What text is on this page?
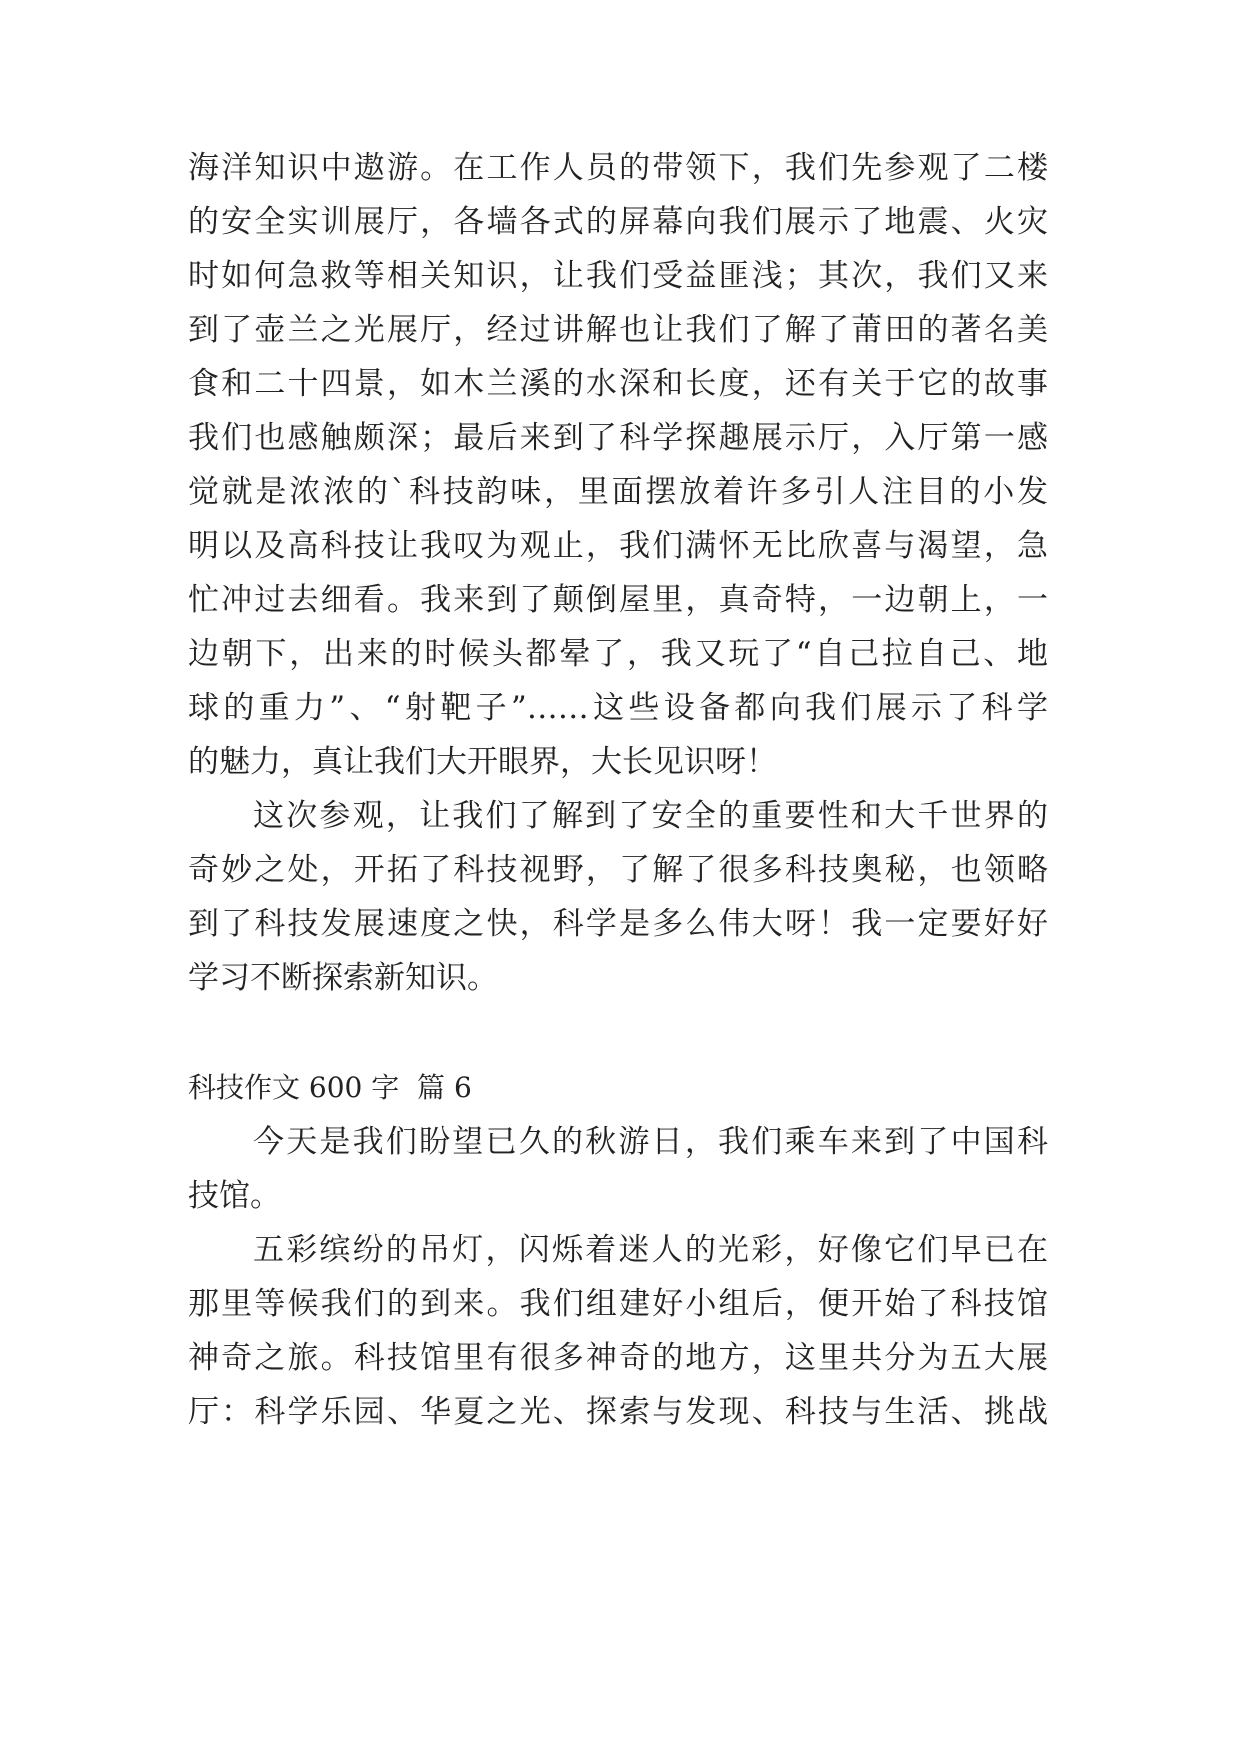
海洋知识中遨游。在工作人员的带领下，我们先参观了二楼
的安全实训展厅，各墙各式的屏幕向我们展示了地震、火灾
时如何急救等相关知识，让我们受益匪浅；其次，我们又来
到了壶兰之光展厅，经过讲解也让我们了解了莆田的著名美
食和二十四景，如木兰溪的水深和长度，还有关于它的故事
我们也感触颇深；最后来到了科学探趣展示厅，入厅第一感
觉就是浓浓的`科技韵味，里面摆放着许多引人注目的小发
明以及高科技让我叹为观止，我们满怀无比欣喜与渴望，急
忙冲过去细看。我来到了颠倒屋里，真奇特，一边朝上，一
边朝下，出来的时候头都晕了，我又玩了“自己拉自己、地
球的重力”、“射靶子”……这些设备都向我们展示了科学
的魅力，真让我们大开眼界，大长见识呀！
这次参观，让我们了解到了安全的重要性和大千世界的
奇妙之处，开拓了科技视野，了解了很多科技奥秘，也领略
到了科技发展速度之快，科学是多么伟大呀！我一定要好好
学习不断探索新知识。
科技作文 600 字  篇 6
今天是我们盼望已久的秋游日，我们乘车来到了中国科
技馆。
五彩缤纷的吊灯，闪烁着迷人的光彩，好像它们早已在
那里等候我们的到来。我们组建好小组后，便开始了科技馆
神奇之旅。科技馆里有很多神奇的地方，这里共分为五大展
厅：科学乐园、华夏之光、探索与发现、科技与生活、挑战
